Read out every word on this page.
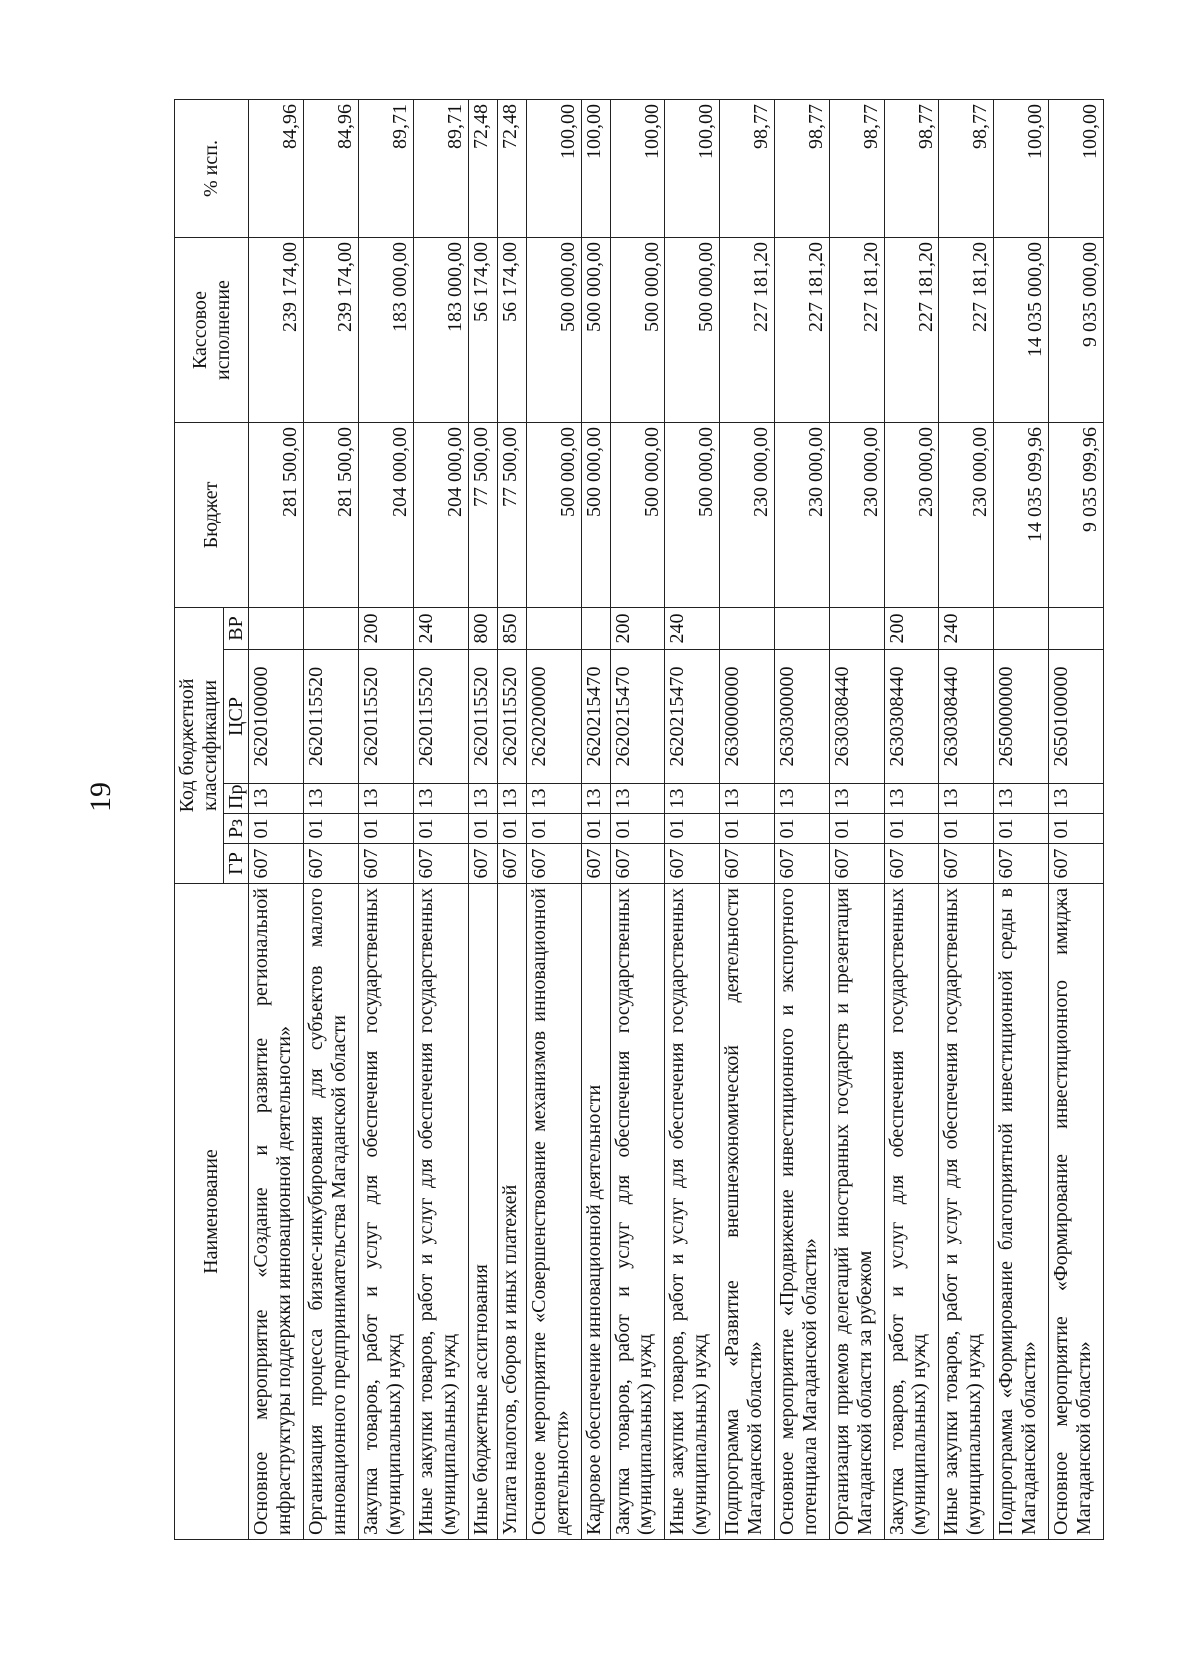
19
Наименование	Код бюджетной классификации					Бюджет	Кассовое исполнение	% исп.
	ГР	Рз	Пр	ЦСР	ВР			
Основное мероприятие «Создание и развитие региональной инфраструктуры поддержки инновационной деятельности»	607	01	13	2620100000		281 500,00	239 174,00	84,96
Организация процесса бизнес-инкубирования для субъектов малого инновационного предпринимательства Магаданской области	607	01	13	2620115520		281 500,00	239 174,00	84,96
Закупка товаров, работ и услуг для обеспечения государственных (муниципальных) нужд	607	01	13	2620115520	200	204 000,00	183 000,00	89,71
Иные закупки товаров, работ и услуг для обеспечения государственных (муниципальных) нужд	607	01	13	2620115520	240	204 000,00	183 000,00	89,71
Иные бюджетные ассигнования	607	01	13	2620115520	800	77 500,00	56 174,00	72,48
Уплата налогов, сборов и иных платежей	607	01	13	2620115520	850	77 500,00	56 174,00	72,48
Основное мероприятие «Совершенствование механизмов инновационной деятельности»	607	01	13	2620200000		500 000,00	500 000,00	100,00
Кадровое обеспечение инновационной деятельности	607	01	13	2620215470		500 000,00	500 000,00	100,00
Закупка товаров, работ и услуг для обеспечения государственных (муниципальных) нужд	607	01	13	2620215470	200	500 000,00	500 000,00	100,00
Иные закупки товаров, работ и услуг для обеспечения государственных (муниципальных) нужд	607	01	13	2620215470	240	500 000,00	500 000,00	100,00
Подпрограмма «Развитие внешнеэкономической деятельности Магаданской области»	607	01	13	2630000000		230 000,00	227 181,20	98,77
Основное мероприятие «Продвижение инвестиционного и экспортного потенциала Магаданской области»	607	01	13	2630300000		230 000,00	227 181,20	98,77
Организация приемов делегаций иностранных государств и презентация Магаданской области за рубежом	607	01	13	2630308440		230 000,00	227 181,20	98,77
Закупка товаров, работ и услуг для обеспечения государственных (муниципальных) нужд	607	01	13	2630308440	200	230 000,00	227 181,20	98,77
Иные закупки товаров, работ и услуг для обеспечения государственных (муниципальных) нужд	607	01	13	2630308440	240	230 000,00	227 181,20	98,77
Подпрограмма «Формирование благоприятной инвестиционной среды в Магаданской области»	607	01	13	2650000000		14 035 099,96	14 035 000,00	100,00
Основное мероприятие «Формирование инвестиционного имиджа Магаданской области»	607	01	13	2650100000		9 035 099,96	9 035 000,00	100,00
